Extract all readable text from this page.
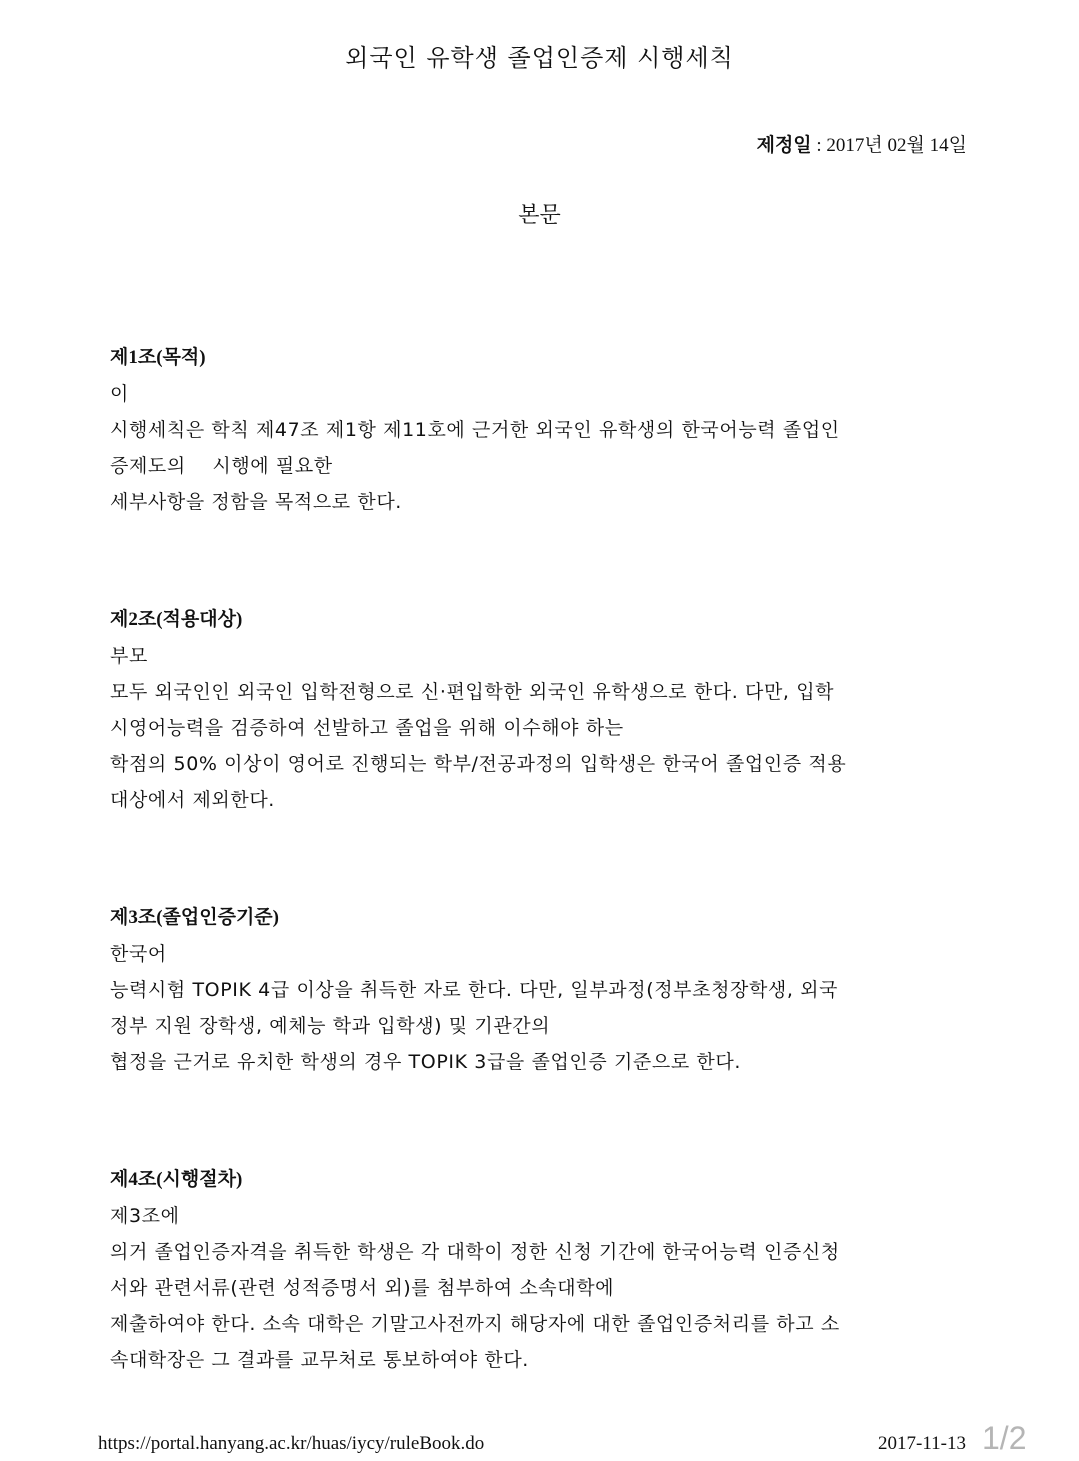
외국인 유학생 졸업인증제 시행세칙
제정일 : 2017년 02월 14일
본문

제1조(목적)

이

시행세칙은 학칙 제47조 제1항 제11호에 근거한 외국인 유학생의 한국어능력 졸업인

증제도의    시행에 필요한

세부사항을 정함을 목적으로 한다.

제2조(적용대상)

부모

모두 외국인인 외국인 입학전형으로 신·편입학한 외국인 유학생으로 한다. 다만, 입학

시영어능력을 검증하여 선발하고 졸업을 위해 이수해야 하는

학점의 50% 이상이 영어로 진행되는 학부/전공과정의 입학생은 한국어 졸업인증 적용

대상에서 제외한다.

제3조(졸업인증기준)

한국어

능력시험 TOPIK 4급 이상을 취득한 자로 한다. 다만, 일부과정(정부초청장학생, 외국

정부 지원 장학생, 예체능 학과 입학생) 및 기관간의

협정을 근거로 유치한 학생의 경우 TOPIK 3급을 졸업인증 기준으로 한다.

제4조(시행절차)

제3조에

의거 졸업인증자격을 취득한 학생은 각 대학이 정한 신청 기간에 한국어능력 인증신청

서와 관련서류(관련 성적증명서 외)를 첨부하여 소속대학에

제출하여야 한다. 소속 대학은 기말고사전까지 해당자에 대한 졸업인증처리를 하고 소

속대학장은 그 결과를 교무처로 통보하여야 한다.

https://portal.hanyang.ac.kr/huas/iycy/ruleBook.do	2017-11-13 1/2
